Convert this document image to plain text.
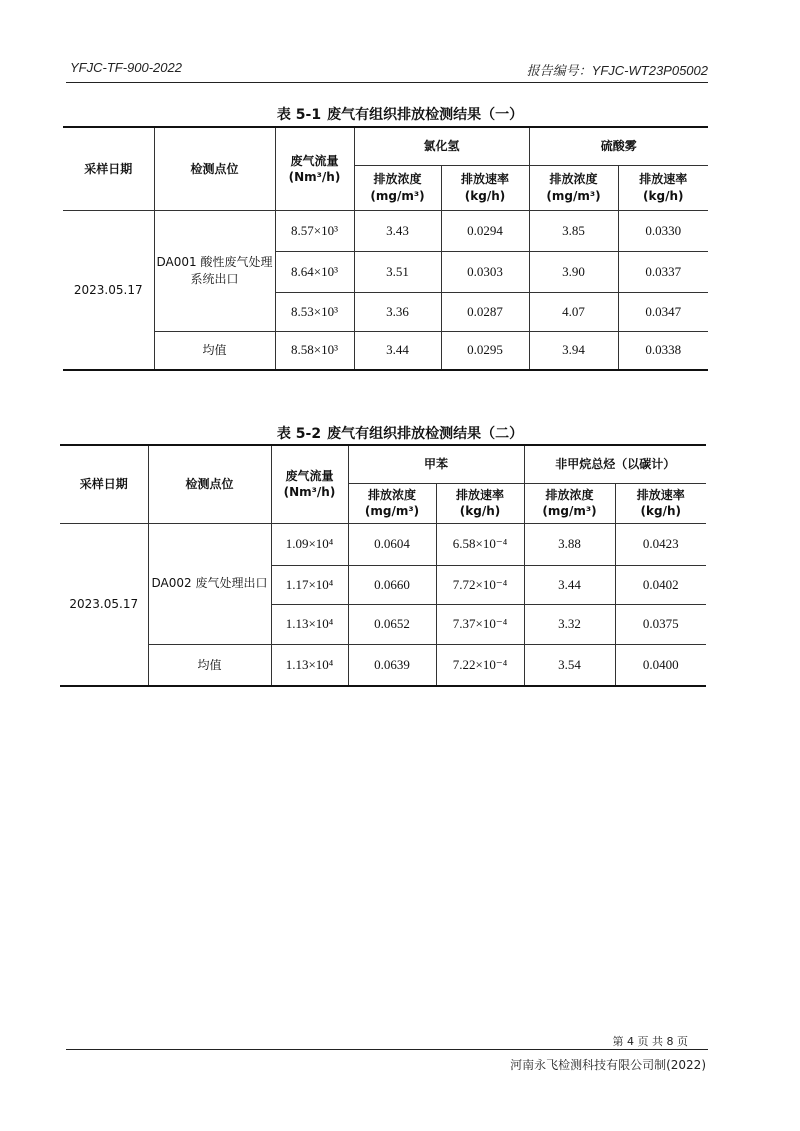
YFJC-TF-900-2022	报告编号：YFJC-WT23P05002
表 5-1 废气有组织排放检测结果（一）
采样日期	检测点位	废气流量(Nm³/h)	氯化氢		硫酸雾	
			排放浓度(mg/m³)	排放速率(kg/h)	排放浓度(mg/m³)	排放速率(kg/h)
2023.05.17	DA001 酸性废气处理系统出口	8.57×10³	3.43	0.0294	3.85	0.0330
		8.64×10³	3.51	0.0303	3.90	0.0337
		8.53×10³	3.36	0.0287	4.07	0.0347
	均值	8.58×10³	3.44	0.0295	3.94	0.0338
表 5-2 废气有组织排放检测结果（二）
采样日期	检测点位	废气流量(Nm³/h)	甲苯		非甲烷总烃（以碳计）	
			排放浓度(mg/m³)	排放速率(kg/h)	排放浓度(mg/m³)	排放速率(kg/h)
2023.05.17	DA002 废气处理出口	1.09×10⁴	0.0604	6.58×10⁻⁴	3.88	0.0423
		1.17×10⁴	0.0660	7.72×10⁻⁴	3.44	0.0402
		1.13×10⁴	0.0652	7.37×10⁻⁴	3.32	0.0375
	均值	1.13×10⁴	0.0639	7.22×10⁻⁴	3.54	0.0400
第 4 页 共 8 页
河南永飞检测科技有限公司制(2022)
